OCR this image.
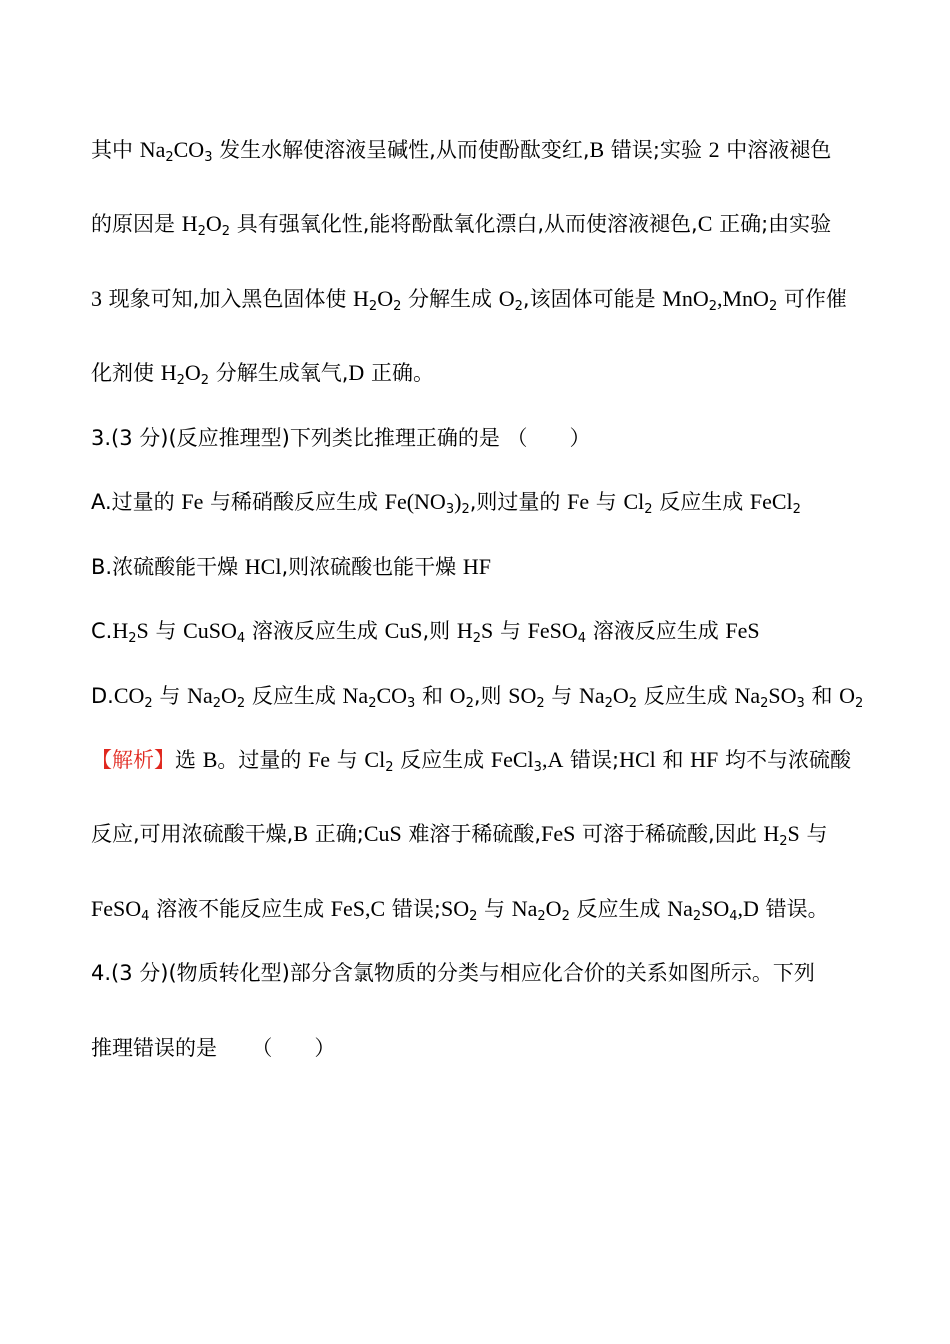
其中 $Na_2CO_3$ 发生水解使溶液呈碱性,从而使酚酞变红,B 错误;实验 2 中溶液褪色

的原因是 $H_2O_2$ 具有强氧化性,能将酚酞氧化漂白,从而使溶液褪色,C 正确;由实验

3 现象可知,加入黑色固体使 $H_2O_2$ 分解生成 $O_2$,该固体可能是 MnO$_2$,MnO$_2$ 可作催

化剂使 $H_2O_2$ 分解生成氧气,D 正确。

3.(3 分)(反应推理型)下列类比推理正确的是 （　　）

A.过量的 Fe 与稀硝酸反应生成 $Fe(NO_3)_2$,则过量的 Fe 与 $Cl_2$ 反应生成 FeCl$_2$

B.浓硫酸能干燥 HCl,则浓硫酸也能干燥 HF

$C.H_2S$ 与 CuSO$_4$ 溶液反应生成 CuS,则 $H_2S$ 与 FeSO$_4$ 溶液反应生成 FeS

$D.CO_2$ 与 $Na_2O_2$ 反应生成 $Na_2CO_3$ 和 $O_2$,则 $SO_2$ 与 $Na_2O_2$ 反应生成 $Na_2SO_3$ 和 $O_2$

【解析】选 B。过量的 Fe 与 $Cl_2$ 反应生成 FeCl$_3$,A 错误;HCl 和 HF 均不与浓硫酸

反应,可用浓硫酸干燥,B 正确;CuS 难溶于稀硫酸,FeS 可溶于稀硫酸,因此 $H_2S$ 与

FeSO$_4$ 溶液不能反应生成 FeS,C 错误$;SO_2$ 与 $Na_2O_2$ 反应生成 $Na_2SO_4,D$ 错误。

4.(3 分)(物质转化型)部分含氯物质的分类与相应化合价的关系如图所示。下列

推理错误的是 　 （　　）
